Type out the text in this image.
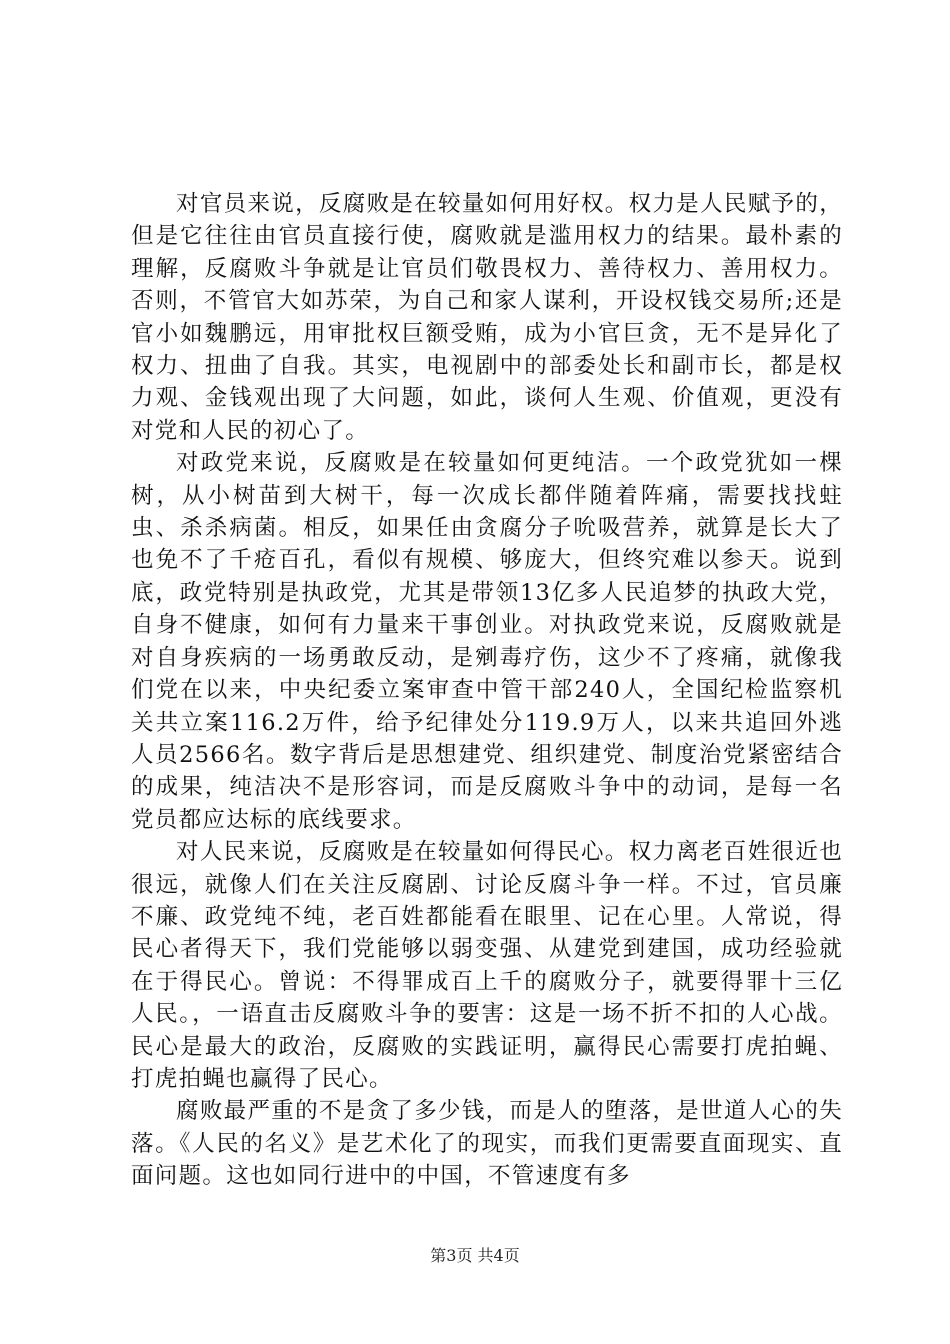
对官员来说，反腐败是在较量如何用好权。权力是人民赋予的，但是它往往由官员直接行使，腐败就是滥用权力的结果。最朴素的理解，反腐败斗争就是让官员们敬畏权力、善待权力、善用权力。否则，不管官大如苏荣，为自己和家人谋利，开设权钱交易所;还是官小如魏鹏远，用审批权巨额受贿，成为小官巨贪，无不是异化了权力、扭曲了自我。其实，电视剧中的部委处长和副市长，都是权力观、金钱观出现了大问题，如此，谈何人生观、价值观，更没有对党和人民的初心了。

对政党来说，反腐败是在较量如何更纯洁。一个政党犹如一棵树，从小树苗到大树干，每一次成长都伴随着阵痛，需要找找蛀虫、杀杀病菌。相反，如果任由贪腐分子吮吸营养，就算是长大了也免不了千疮百孔，看似有规模、够庞大，但终究难以参天。说到底，政党特别是执政党，尤其是带领13亿多人民追梦的执政大党，自身不健康，如何有力量来干事创业。对执政党来说，反腐败就是对自身疾病的一场勇敢反动，是剜毒疗伤，这少不了疼痛，就像我们党在以来，中央纪委立案审查中管干部240人，全国纪检监察机关共立案116.2万件，给予纪律处分119.9万人，以来共追回外逃人员2566名。数字背后是思想建党、组织建党、制度治党紧密结合的成果，纯洁决不是形容词，而是反腐败斗争中的动词，是每一名党员都应达标的底线要求。

对人民来说，反腐败是在较量如何得民心。权力离老百姓很近也很远，就像人们在关注反腐剧、讨论反腐斗争一样。不过，官员廉不廉、政党纯不纯，老百姓都能看在眼里、记在心里。人常说，得民心者得天下，我们党能够以弱变强、从建党到建国，成功经验就在于得民心。曾说：不得罪成百上千的腐败分子，就要得罪十三亿人民。，一语直击反腐败斗争的要害：这是一场不折不扣的人心战。民心是最大的政治，反腐败的实践证明，赢得民心需要打虎拍蝇、打虎拍蝇也赢得了民心。

腐败最严重的不是贪了多少钱，而是人的堕落，是世道人心的失落。《人民的名义》是艺术化了的现实，而我们更需要直面现实、直面问题。这也如同行进中的中国，不管速度有多

第3页 共4页
